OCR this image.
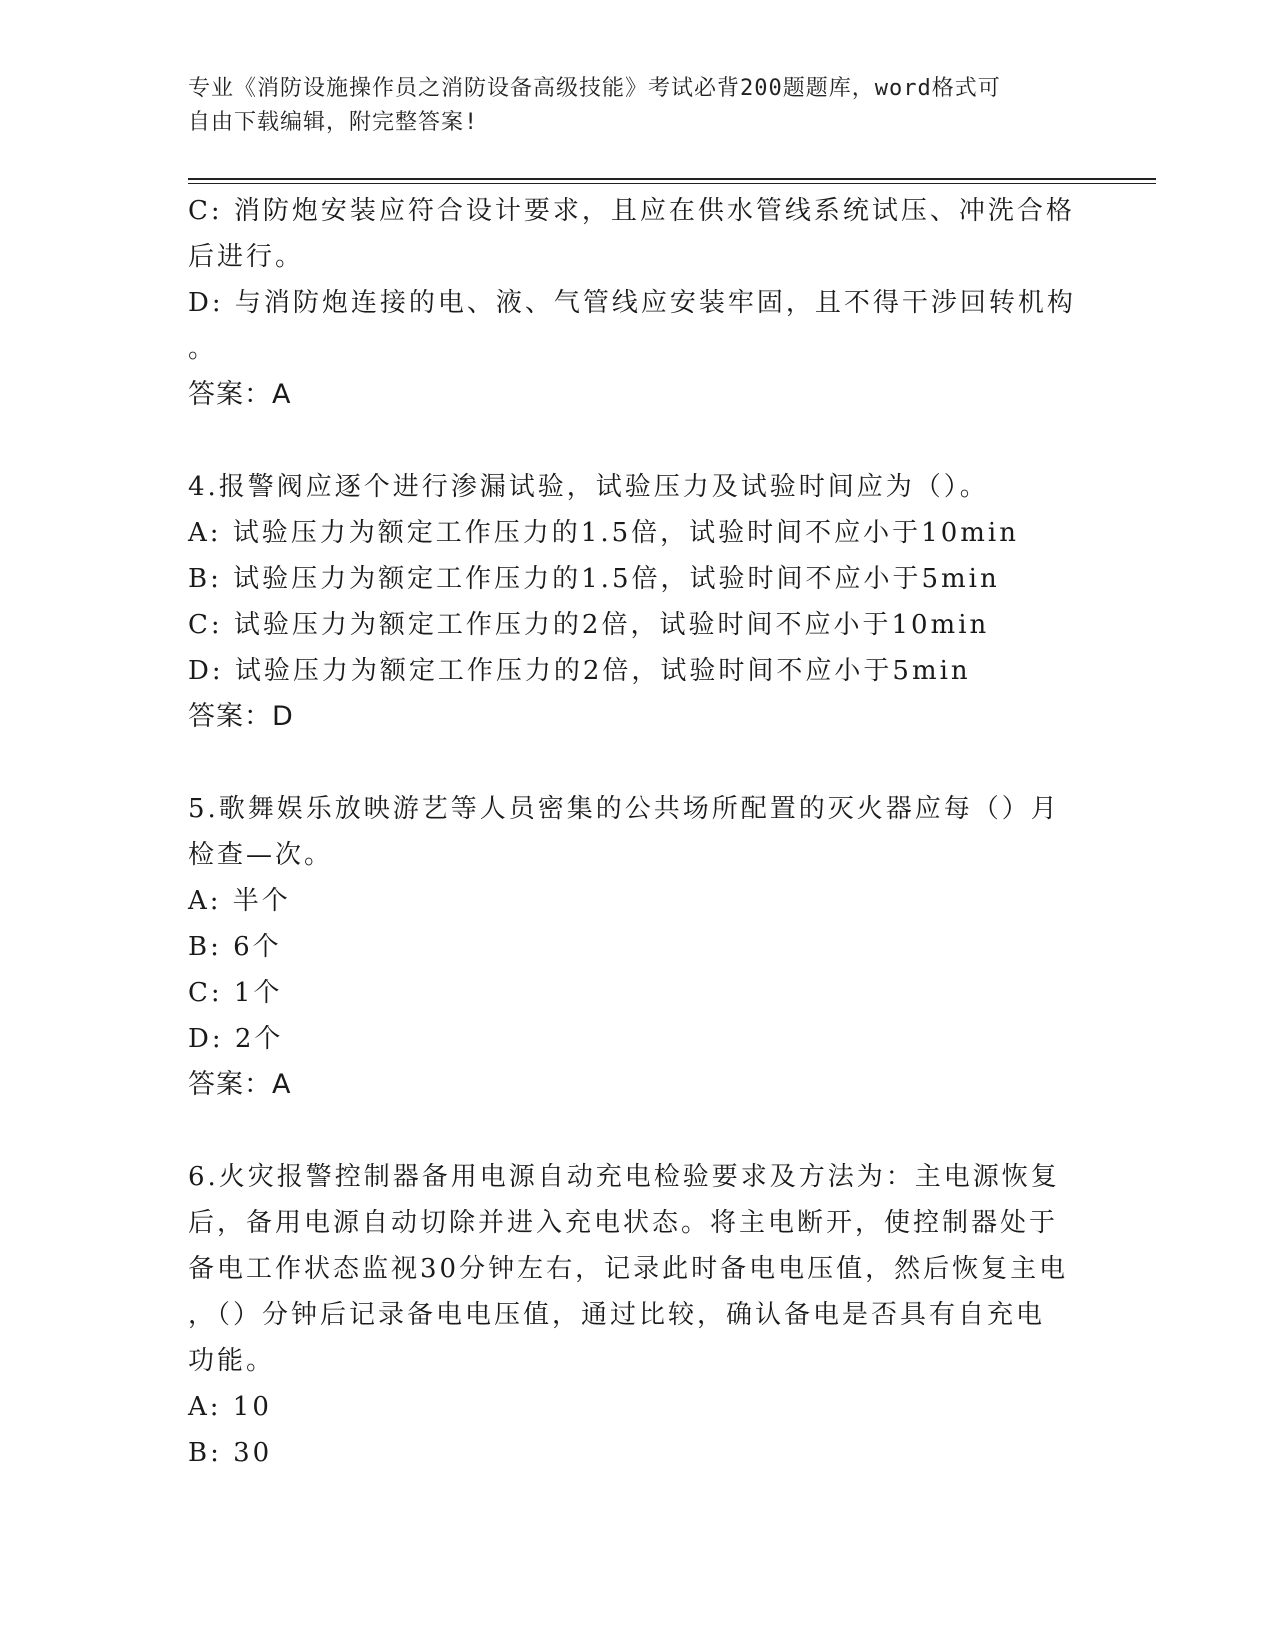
专业《消防设施操作员之消防设备高级技能》考试必背200题题库，word格式可
自由下载编辑，附完整答案!
C: 消防炮安装应符合设计要求，且应在供水管线系统试压、冲洗合格
后进行。
D: 与消防炮连接的电、液、气管线应安装牢固，且不得干涉回转机构
。
答案：A
4.报警阀应逐个进行渗漏试验，试验压力及试验时间应为（）。
A: 试验压力为额定工作压力的1.5倍，试验时间不应小于10min
B: 试验压力为额定工作压力的1.5倍，试验时间不应小于5min
C: 试验压力为额定工作压力的2倍，试验时间不应小于10min
D: 试验压力为额定工作压力的2倍，试验时间不应小于5min
答案：D
5.歌舞娱乐放映游艺等人员密集的公共场所配置的灭火器应每（）月
检查—次。
A: 半个
B: 6个
C: 1个
D: 2个
答案：A
6.火灾报警控制器备用电源自动充电检验要求及方法为：主电源恢复
后，备用电源自动切除并进入充电状态。将主电断开，使控制器处于
备电工作状态监视30分钟左右，记录此时备电电压值，然后恢复主电
，（）分钟后记录备电电压值，通过比较，确认备电是否具有自充电
功能。
A: 10
B: 30
